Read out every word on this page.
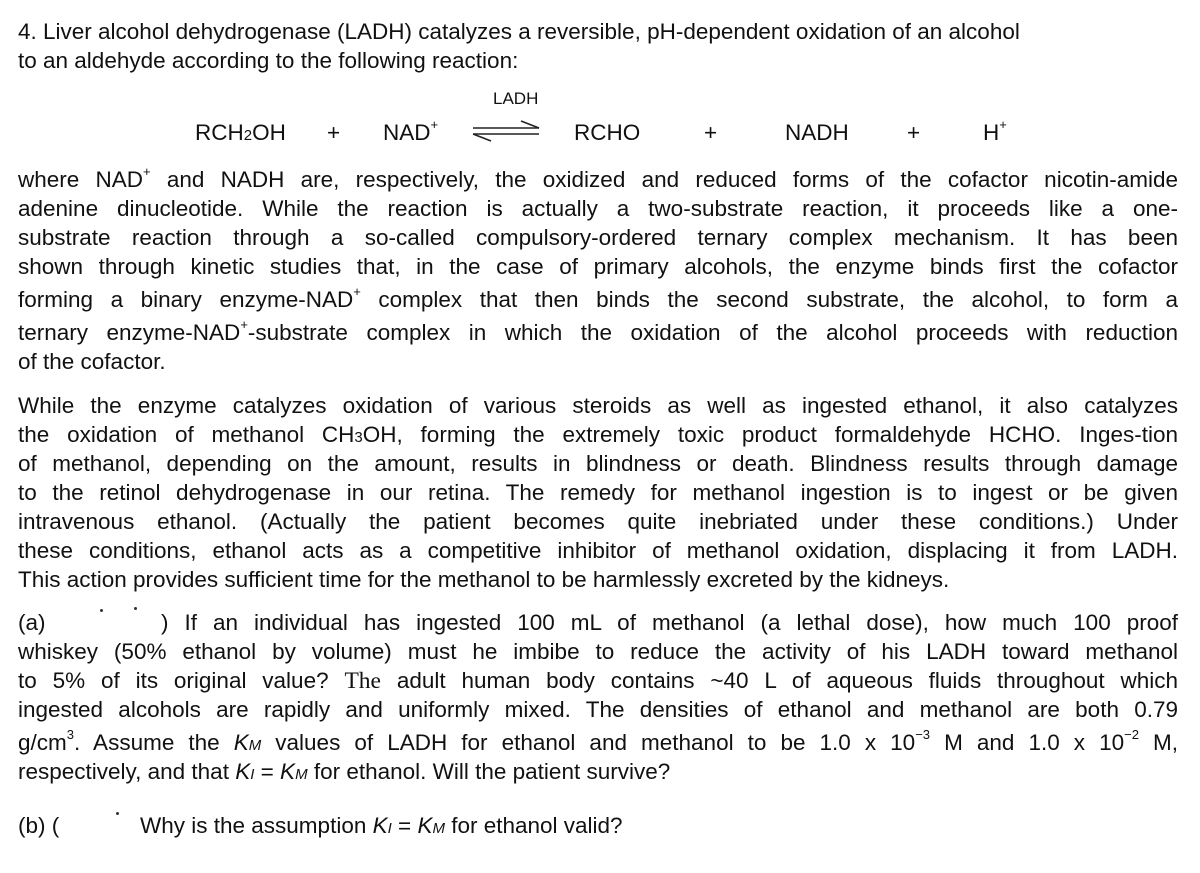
4. Liver alcohol dehydrogenase (LADH) catalyzes a reversible, pH-dependent oxidation of an alcohol
to an aldehyde according to the following reaction:
LADH
RCH2OH + NAD+	RCHO	+	NADH	+	H+
where NAD+ and NADH are, respectively, the oxidized and reduced forms of the cofactor nicotin-amide
adenine dinucleotide. While the reaction is actually a two-substrate reaction, it proceeds like a one-
substrate reaction through a so-called compulsory-ordered ternary complex mechanism. It has been
shown through kinetic studies that, in the case of primary alcohols, the enzyme binds first the cofactor
forming a binary enzyme-NAD+ complex that then binds the second substrate, the alcohol, to form a
ternary enzyme-NAD+-substrate complex in which the oxidation of the alcohol proceeds with reduction
of the cofactor.
While the enzyme catalyzes oxidation of various steroids as well as ingested ethanol, it also catalyzes
the oxidation of methanol CH3OH, forming the extremely toxic product formaldehyde HCHO. Inges-tion
of methanol, depending on the amount, results in blindness or death. Blindness results through damage
to the retinol dehydrogenase in our retina. The remedy for methanol ingestion is to ingest or be given
intravenous ethanol. (Actually the patient becomes quite inebriated under these conditions.) Under
these conditions, ethanol acts as a competitive inhibitor of methanol oxidation, displacing it from LADH.
This action provides sufficient time for the methanol to be harmlessly excreted by the kidneys.
(a)	) If an individual has ingested 100 mL of methanol (a lethal dose), how much 100 proof
whiskey (50% ethanol by volume) must he imbibe to reduce the activity of his LADH toward methanol
to 5% of its original value? The adult human body contains ~40 L of aqueous fluids throughout which
ingested alcohols are rapidly and uniformly mixed. The densities of ethanol and methanol are both 0.79
$g/cm^3$. Assume the KM values of LADH for ethanol and methanol to be 1.0 x $10^{-3}$ M and 1.0 x $10^{-2}$ M,
respectively, and that KI = KM for ethanol. Will the patient survive?
(b) (	Why is the assumption KI = KM for ethanol valid?
